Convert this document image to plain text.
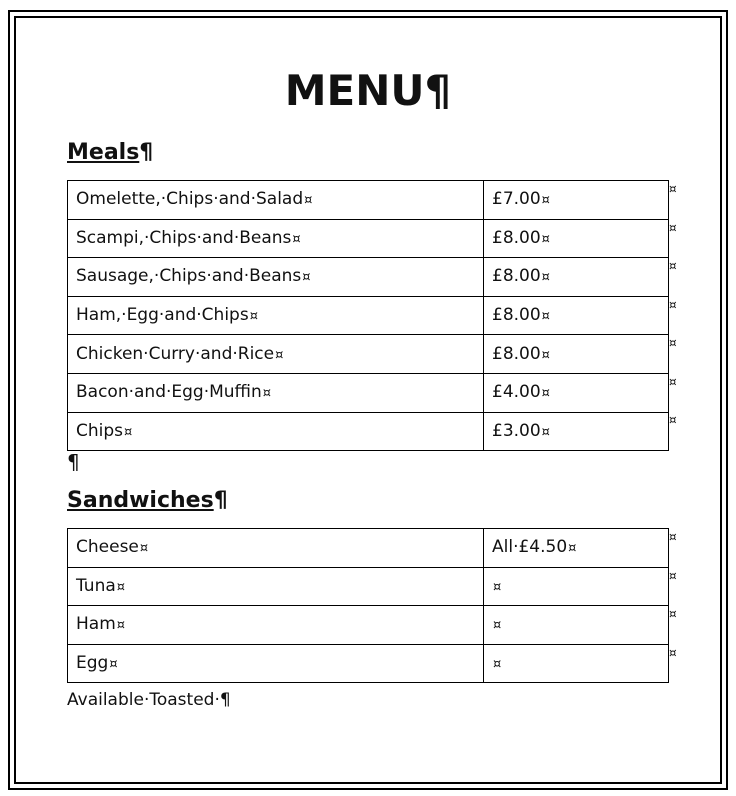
MENU¶
Meals¶
Omelette,·Chips·and·Salad¤	£7.00¤
Scampi,·Chips·and·Beans¤	£8.00¤
Sausage,·Chips·and·Beans¤	£8.00¤
Ham,·Egg·and·Chips¤	£8.00¤
Chicken·Curry·and·Rice¤	£8.00¤
Bacon·and·Egg·Muffin¤	£4.00¤
Chips¤	£3.00¤
¤
¤
¤
¤
¤
¤
¤
¶
Sandwiches¶
Cheese¤	All·£4.50¤
Tuna¤	¤
Ham¤	¤
Egg¤	¤
¤
¤
¤
¤

Available·Toasted·¶
